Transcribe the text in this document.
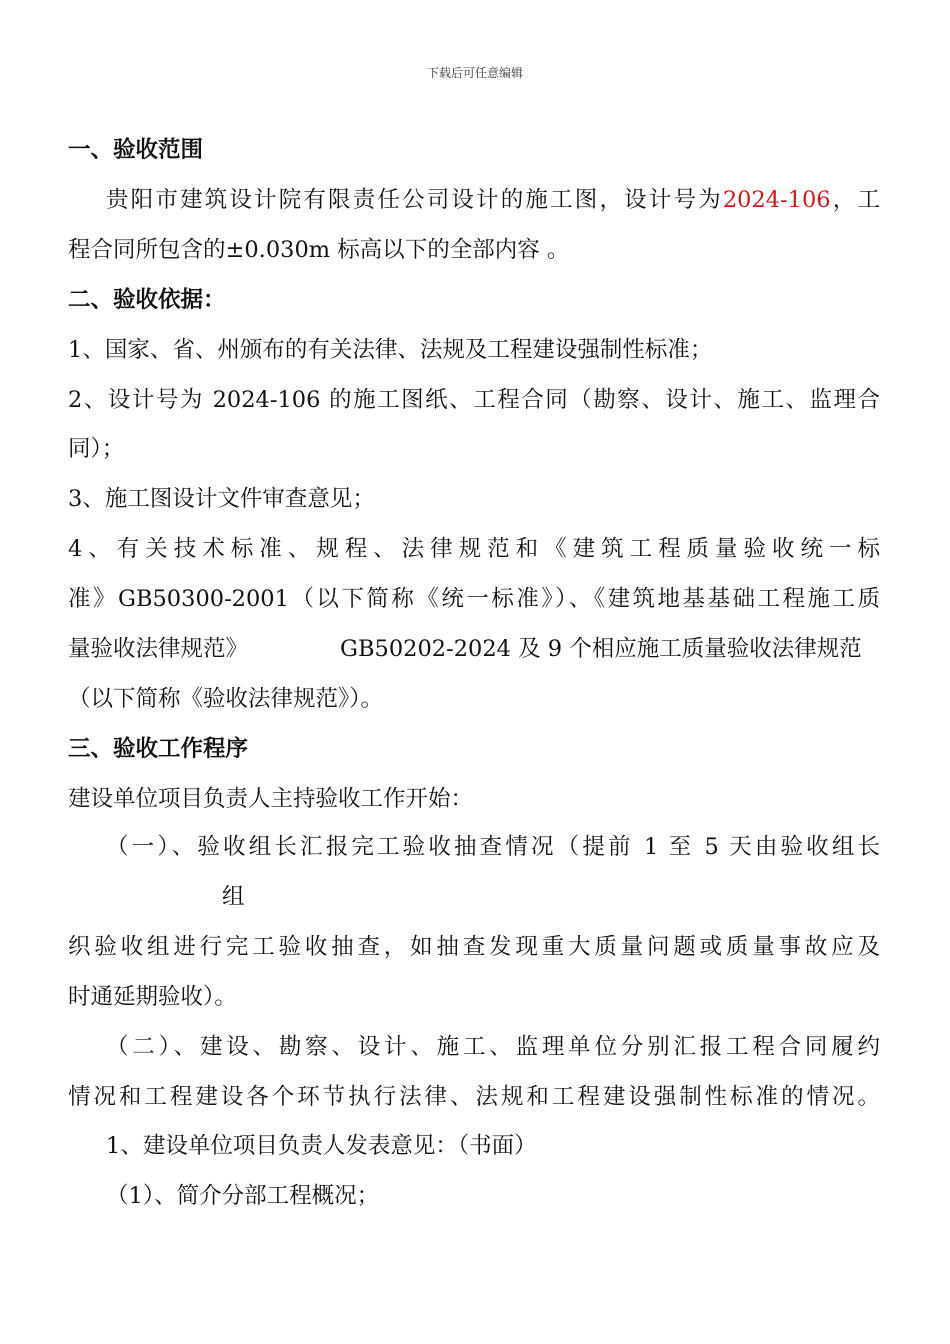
下载后可任意编辑
一、验收范围
贵阳市建筑设计院有限责任公司设计的施工图，设计号为2024-106，工
程合同所包含的±0.030m 标高以下的全部内容 。
二、验收依据：
1、国家、省、州颁布的有关法律、法规及工程建设强制性标准；
2、设计号为 2024-106 的施工图纸、工程合同（勘察、设计、施工、监理合
同）；
3、施工图设计文件审查意见；
4、有关技术标准、规程、法律规范和《建筑工程质量验收统一标
准》GB50300-2001（以下简称《统一标准》）、《建筑地基基础工程施工质
量验收法律规范》	GB50202-2024 及 9 个相应施工质量验收法律规范
（以下简称《验收法律规范》）。
三、验收工作程序
建设单位项目负责人主持验收工作开始：
（一）、验收组长汇报完工验收抽查情况（提前 1 至 5 天由验收组长
组
织验收组进行完工验收抽查，如抽查发现重大质量问题或质量事故应及
时通延期验收）。
（二）、建设、勘察、设计、施工、监理单位分别汇报工程合同履约
情况和工程建设各个环节执行法律、法规和工程建设强制性标准的情况。
1、建设单位项目负责人发表意见：（书面）
（1）、简介分部工程概况；
